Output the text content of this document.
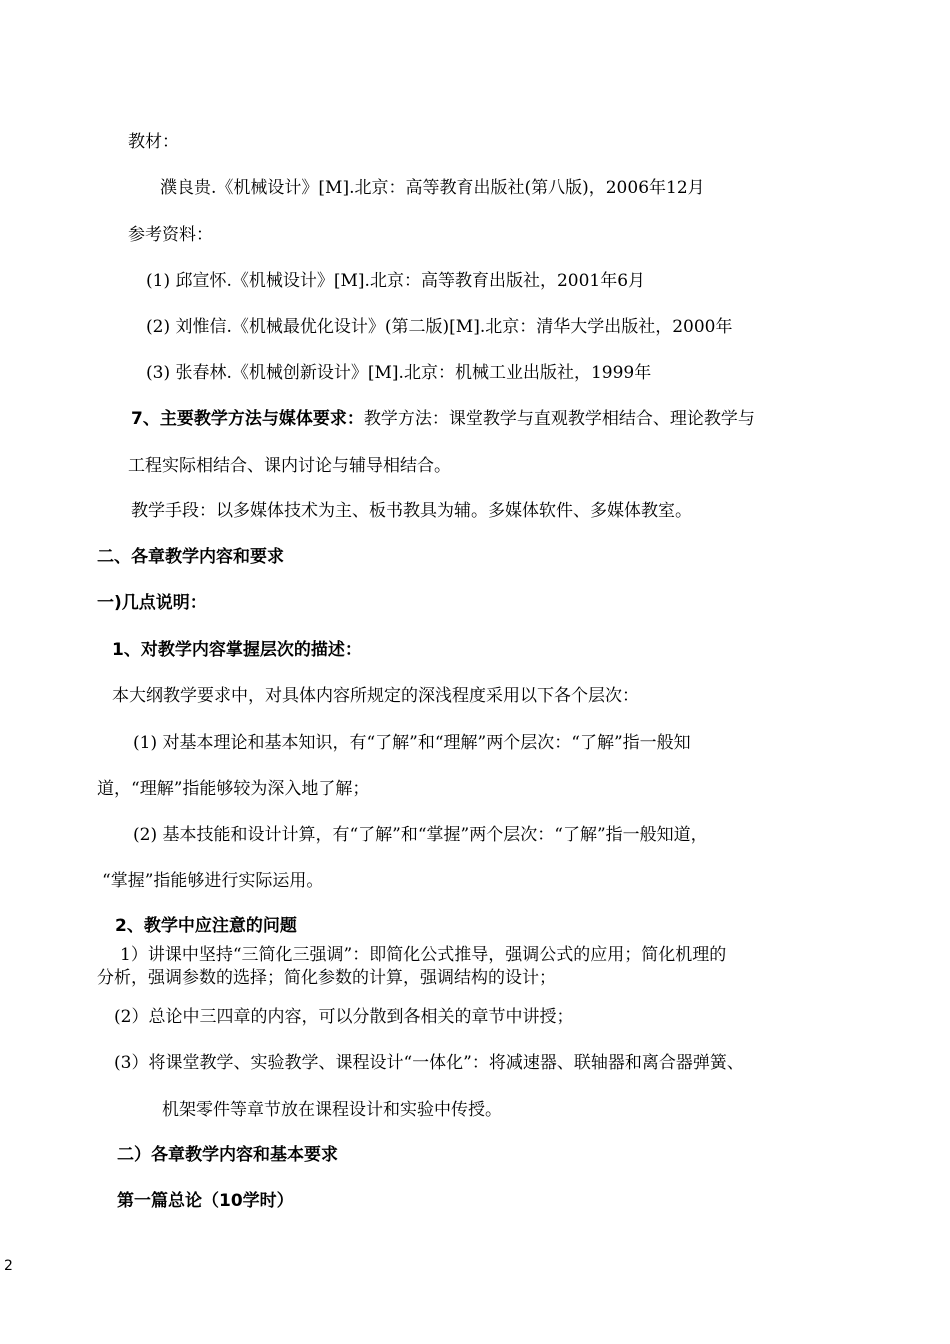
教材：
濮良贵.《机械设计》[M].北京：高等教育出版社(第八版)，2006年12月
参考资料：
(1) 邱宣怀.《机械设计》[M].北京：高等教育出版社，2001年6月
(2) 刘惟信.《机械最优化设计》(第二版)[M].北京：清华大学出版社，2000年
(3) 张春林.《机械创新设计》[M].北京：机械工业出版社，1999年
7、主要教学方法与媒体要求：教学方法：课堂教学与直观教学相结合、理论教学与
工程实际相结合、课内讨论与辅导相结合。
教学手段：以多媒体技术为主、板书教具为辅。多媒体软件、多媒体教室。
二、各章教学内容和要求
一)几点说明：
1、对教学内容掌握层次的描述：
本大纲教学要求中，对具体内容所规定的深浅程度采用以下各个层次：
(1) 对基本理论和基本知识，有“了解”和“理解”两个层次：“了解”指一般知
道，“理解”指能够较为深入地了解；
(2) 基本技能和设计计算，有“了解”和“掌握”两个层次：“了解”指一般知道，
“掌握”指能够进行实际运用。
2、教学中应注意的问题
1）讲课中坚持“三简化三强调”：即简化公式推导，强调公式的应用；简化机理的
分析，强调参数的选择；简化参数的计算，强调结构的设计；
(2）总论中三四章的内容，可以分散到各相关的章节中讲授；
(3）将课堂教学、实验教学、课程设计“一体化”：将减速器、联轴器和离合器弹簧、
机架零件等章节放在课程设计和实验中传授。
二）各章教学内容和基本要求
第一篇总论（10学时）
2
